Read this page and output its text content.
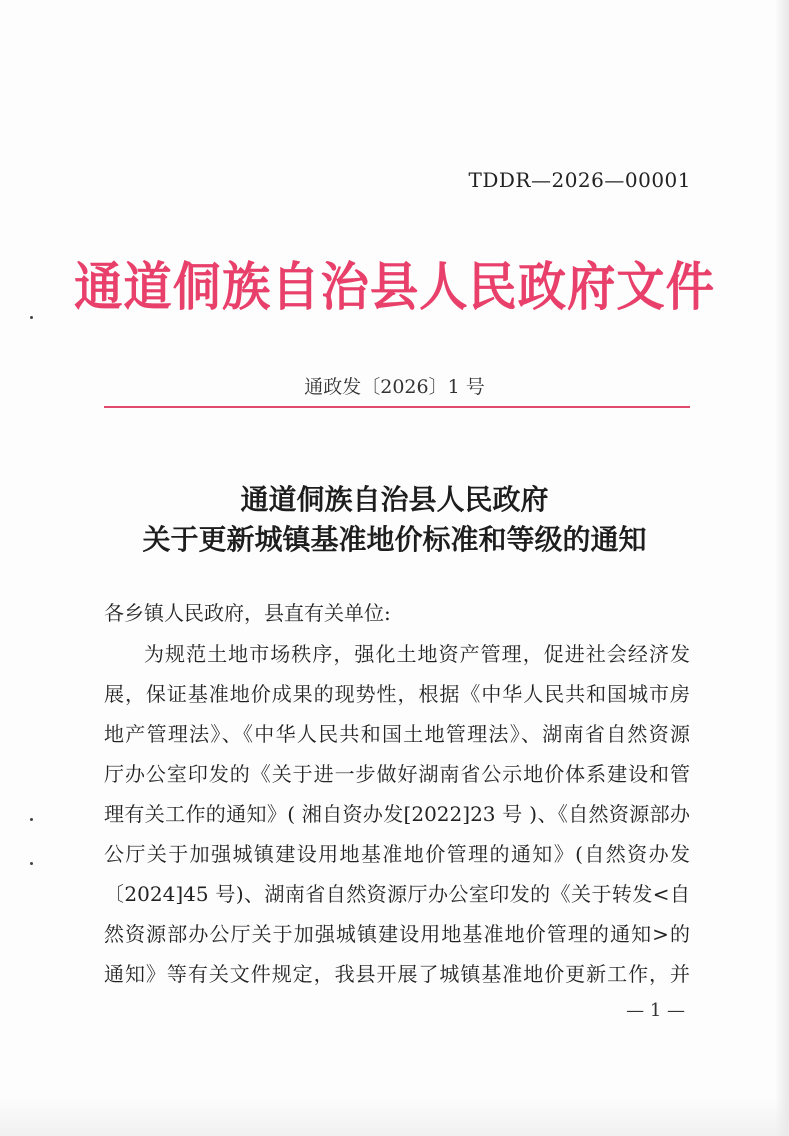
TDDR—2026—00001
通道侗族自治县人民政府文件
通政发〔2026〕1 号
通道侗族自治县人民政府
关于更新城镇基准地价标准和等级的通知
各乡镇人民政府，县直有关单位:
为规范土地市场秩序，强化土地资产管理，促进社会经济发
展，保证基准地价成果的现势性，根据《中华人民共和国城市房
地产管理法》、《中华人民共和国土地管理法》、湖南省自然资源
厅办公室印发的《关于进一步做好湖南省公示地价体系建设和管
理有关工作的通知》( 湘自资办发[2022]23 号 )、《自然资源部办
公厅关于加强城镇建设用地基准地价管理的通知》(自然资办发
〔2024]45 号)、湖南省自然资源厅办公室印发的《关于转发<自
然资源部办公厅关于加强城镇建设用地基准地价管理的通知>的
通知》等有关文件规定，我县开展了城镇基准地价更新工作，并
— 1 —
